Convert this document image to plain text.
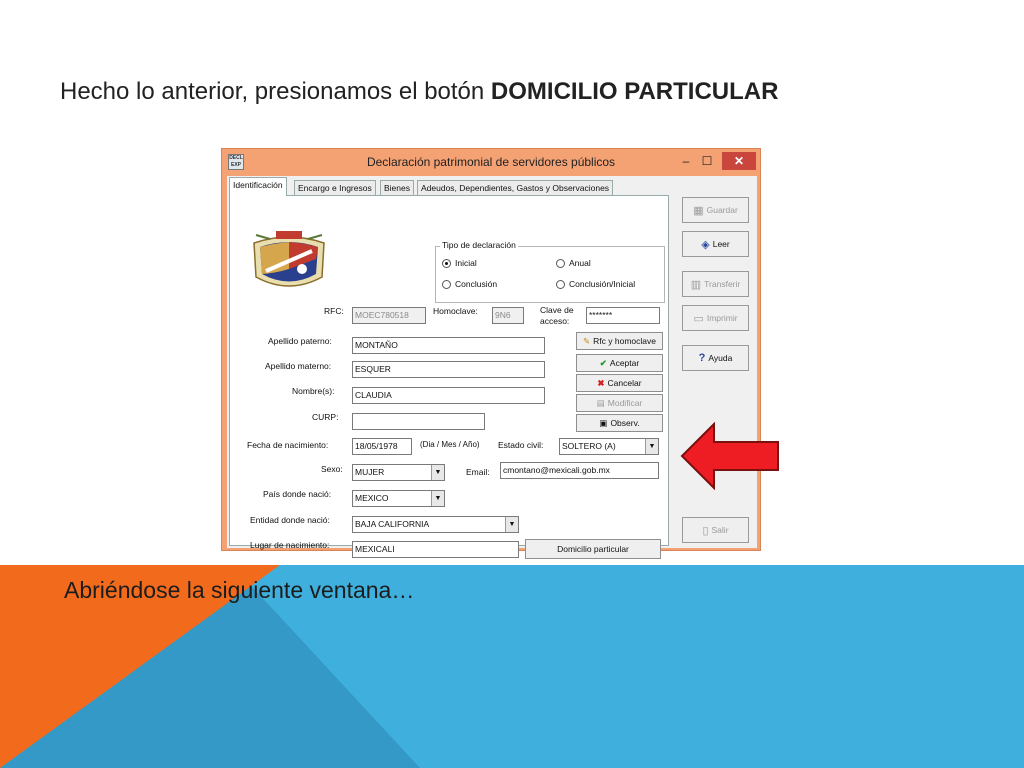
Hecho lo anterior, presionamos el botón DOMICILIO PARTICULAR
Abriéndose la siguiente ventana…
DECL
EXP	Declaración patrimonial de servidores públicos	–	☐	✕
Identificación	Encargo e Ingresos	Bienes	Adeudos, Dependientes, Gastos y Observaciones
Tipo de declaración
Inicial	Anual
Conclusión	Conclusión/Inicial
RFC:	MOEC780518	Homoclave:	9N6	Clave de
acceso:
*******
Apellido paterno:	MONTAÑO
Apellido materno:	ESQUER
Nombre(s):	CLAUDIA
CURP:
Fecha de nacimiento:	18/05/1978	(Dia / Mes / Año) Estado civil:	SOLTERO (A)	▼
Sexo:	MUJER	▼	Email:	cmontano@mexicali.gob.mx
País donde nació:	MEXICO	▼
Entidad donde nació:	BAJA CALIFORNIA	▼
Lugar de nacimiento:	MEXICALI	Domicilio particular
✎ Rfc y homoclave
✔ Aceptar
✖ Cancelar
▤ Modificar
▣ Observ.
▦ Guardar
◈ Leer
▥ Transferir
▭ Imprimir
? Ayuda
▯ Salir
